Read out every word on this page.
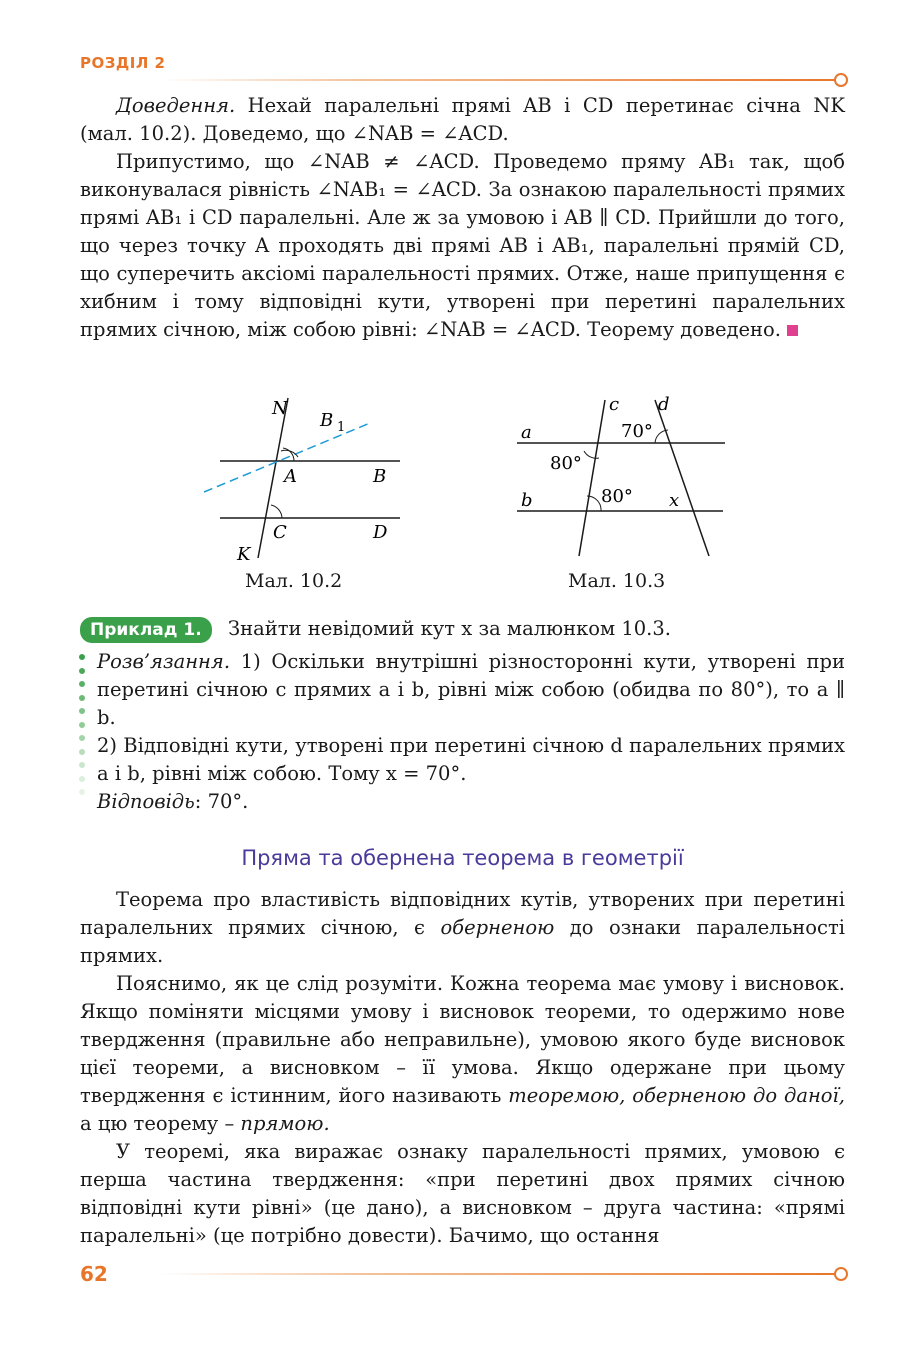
РОЗДІЛ 2

Доведення. Нехай паралельні прямі AB і CD перетинає січна NK (мал. 10.2). Доведемо, що ∠NAB = ∠ACD.

Припустимо, що ∠NAB ≠ ∠ACD. Проведемо пряму AB₁ так, щоб виконувалася рівність ∠NAB₁ = ∠ACD. За ознакою паралельності прямих прямі AB₁ і CD паралельні. Але ж за умовою і AB ∥ CD. Прийшли до того, що через точку A проходять дві прямі AB і AB₁, паралельні прямій CD, що суперечить аксіомі паралельності прямих. Отже, наше припущення є хибним і тому відповідні кути, утворені при перетині паралельних прямих січною, між собою рівні: ∠NAB = ∠ACD. Теорему доведено.

N
B 1
A	B
C	D
K
Мал. 10.2
c d
a
b	x
70°
80°
80°
Мал. 10.3
Приклад 1.	Знайти невідомий кут x за малюнком 10.3.

Розв’язання. 1) Оскільки внутрішні різносторонні кути, утворені при перетині січною c прямих a і b, рівні між собою (обидва по 80°), то a ∥ b.

2) Відповідні кути, утворені при перетині січною d паралельних прямих a і b, рівні між собою. Тому x = 70°.

Відповідь: 70°.

Пряма та обернена теорема в геометрії

Теорема про властивість відповідних кутів, утворених при перетині паралельних прямих січною, є оберненою до ознаки паралельності прямих.

Пояснимо, як це слід розуміти. Кожна теорема має умову і висновок. Якщо поміняти місцями умову і висновок теореми, то одержимо нове твердження (правильне або неправильне), умовою якого буде висновок цієї теореми, а висновком – її умова. Якщо одержане при цьому твердження є істинним, його називають теоремою, оберненою до даної, а цю теорему – прямою.

У теоремі, яка виражає ознаку паралельності прямих, умовою є перша частина твердження: «при перетині двох прямих січною відповідні кути рівні» (це дано), а висновком – друга частина: «прямі паралельні» (це потрібно довести). Бачимо, що остання

62
